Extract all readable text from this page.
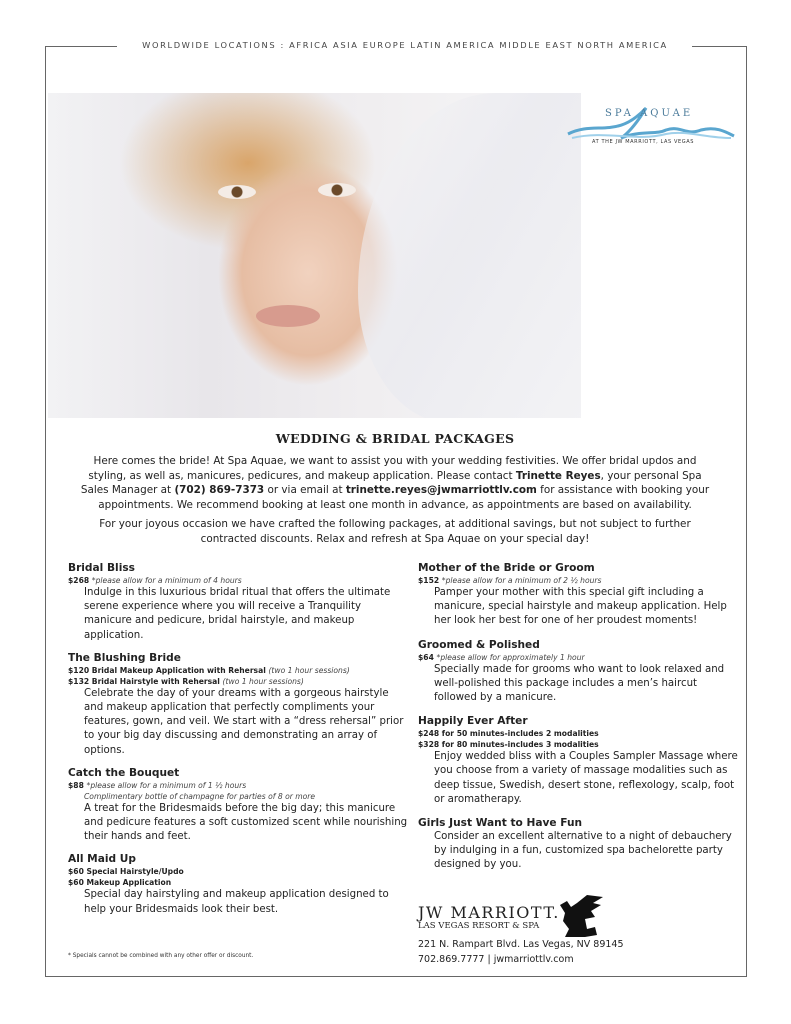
WORLDWIDE LOCATIONS : AFRICA ASIA EUROPE LATIN AMERICA MIDDLE EAST NORTH AMERICA
SPA AQUAE
AT THE JW MARRIOTT, LAS VEGAS
WEDDING & BRIDAL PACKAGES

Here comes the bride! At Spa Aquae, we want to assist you with your wedding festivities. We offer bridal updos and styling, as well as, manicures, pedicures, and makeup application. Please contact Trinette Reyes, your personal Spa Sales Manager at (702) 869-7373 or via email at trinette.reyes@jwmarriottlv.com for assistance with booking your appointments. We recommend booking at least one month in advance, as appointments are based on availability.

For your joyous occasion we have crafted the following packages, at additional savings, but not subject to further contracted discounts. Relax and refresh at Spa Aquae on your special day!

Bridal Bliss
$268 *please allow for a minimum of 4 hours
Indulge in this luxurious bridal ritual that offers the ultimate serene experience where you will receive a Tranquility manicure and pedicure, bridal hairstyle, and makeup application.
The Blushing Bride
$120 Bridal Makeup Application with Rehersal (two 1 hour sessions)
$132 Bridal Hairstyle with Rehersal (two 1 hour sessions)
Celebrate the day of your dreams with a gorgeous hairstyle and makeup application that perfectly compliments your features, gown, and veil. We start with a “dress rehersal” prior to your big day discussing and demonstrating an array of options.
Catch the Bouquet
$88 *please allow for a minimum of 1 ½ hours
Complimentary bottle of champagne for parties of 8 or more
A treat for the Bridesmaids before the big day; this manicure and pedicure features a soft customized scent while nourishing their hands and feet.
All Maid Up
$60 Special Hairstyle/Updo
$60 Makeup Application
Special day hairstyling and makeup application designed to help your Bridesmaids look their best.
Mother of the Bride or Groom
$152 *please allow for a minimum of 2 ½ hours
Pamper your mother with this special gift including a manicure, special hairstyle and makeup application. Help her look her best for one of her proudest moments!
Groomed & Polished
$64 *please allow for approximately 1 hour
Specially made for grooms who want to look relaxed and well-polished this package includes a men’s haircut followed by a manicure.
Happily Ever After
$248 for 50 minutes-includes 2 modalities
$328 for 80 minutes-includes 3 modalities
Enjoy wedded bliss with a Couples Sampler Massage where you choose from a variety of massage modalities such as deep tissue, Swedish, desert stone, reflexology, scalp, foot or aromatherapy.
Girls Just Want to Have Fun
Consider an excellent alternative to a night of debauchery by indulging in a fun, customized spa bachelorette party designed by you.
* Specials cannot be combined with any other offer or discount.
JW MARRIOTT.
LAS VEGAS RESORT & SPA
221 N. Rampart Blvd. Las Vegas, NV 89145
702.869.7777 | jwmarriottlv.com
